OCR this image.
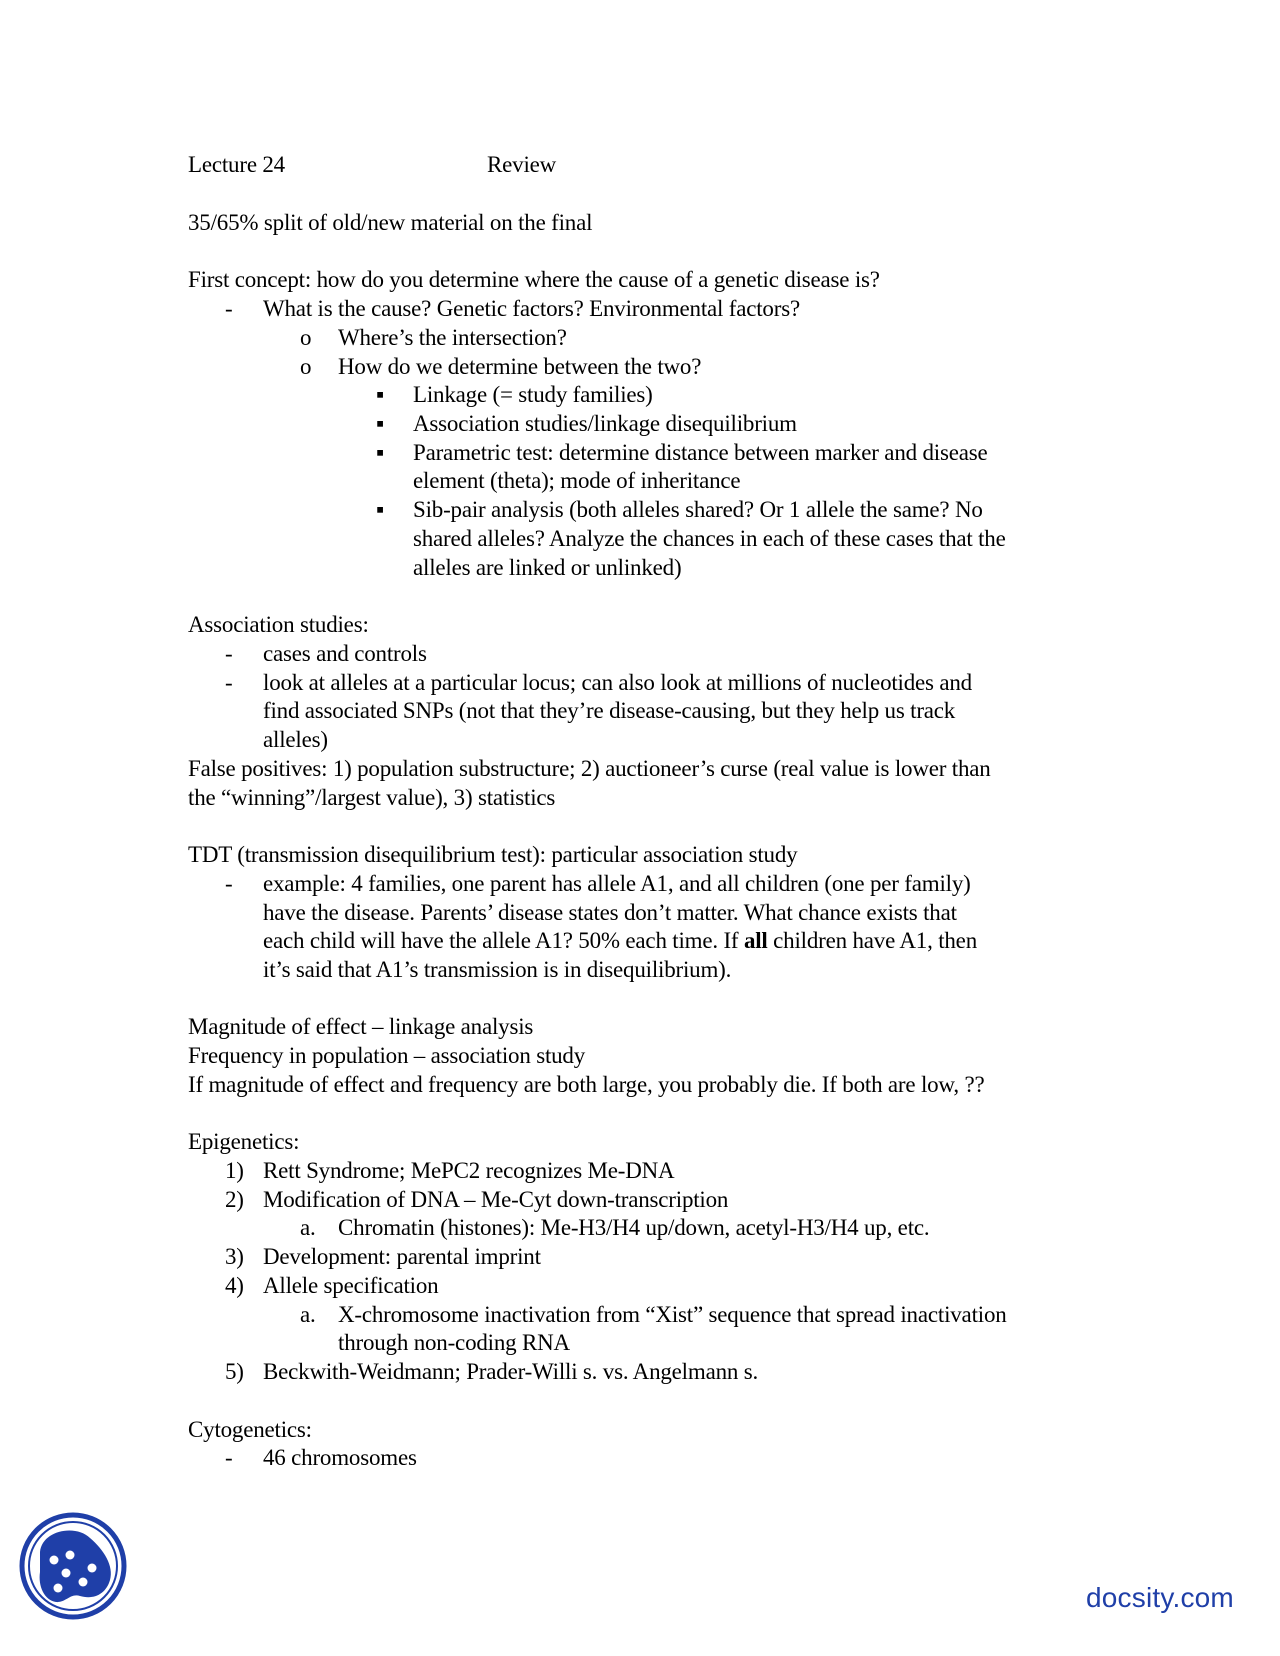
Lecture 24	Review
35/65% split of old/new material on the final
First concept: how do you determine where the cause of a genetic disease is?
- What is the cause? Genetic factors? Environmental factors?
o Where’s the intersection?
o How do we determine between the two?
▪ Linkage (= study families)
▪ Association studies/linkage disequilibrium
▪ Parametric test: determine distance between marker and disease
element (theta); mode of inheritance
▪ Sib-pair analysis (both alleles shared? Or 1 allele the same? No
shared alleles? Analyze the chances in each of these cases that the
alleles are linked or unlinked)
Association studies:
- cases and controls
- look at alleles at a particular locus; can also look at millions of nucleotides and
find associated SNPs (not that they’re disease-causing, but they help us track
alleles)
False positives: 1) population substructure; 2) auctioneer’s curse (real value is lower than
the “winning”/largest value), 3) statistics
TDT (transmission disequilibrium test): particular association study
- example: 4 families, one parent has allele A1, and all children (one per family)
have the disease. Parents’ disease states don’t matter. What chance exists that
each child will have the allele A1? 50% each time. If all children have A1, then
it’s said that A1’s transmission is in disequilibrium).
Magnitude of effect – linkage analysis
Frequency in population – association study
If magnitude of effect and frequency are both large, you probably die. If both are low, ??
Epigenetics:
1) Rett Syndrome; MePC2 recognizes Me-DNA
2) Modification of DNA – Me-Cyt down-transcription
a. Chromatin (histones): Me-H3/H4 up/down, acetyl-H3/H4 up, etc.
3) Development: parental imprint
4) Allele specification
a. X-chromosome inactivation from “Xist” sequence that spread inactivation
through non-coding RNA
5) Beckwith-Weidmann; Prader-Willi s. vs. Angelmann s.
Cytogenetics:
- 46 chromosomes
docsity.com
